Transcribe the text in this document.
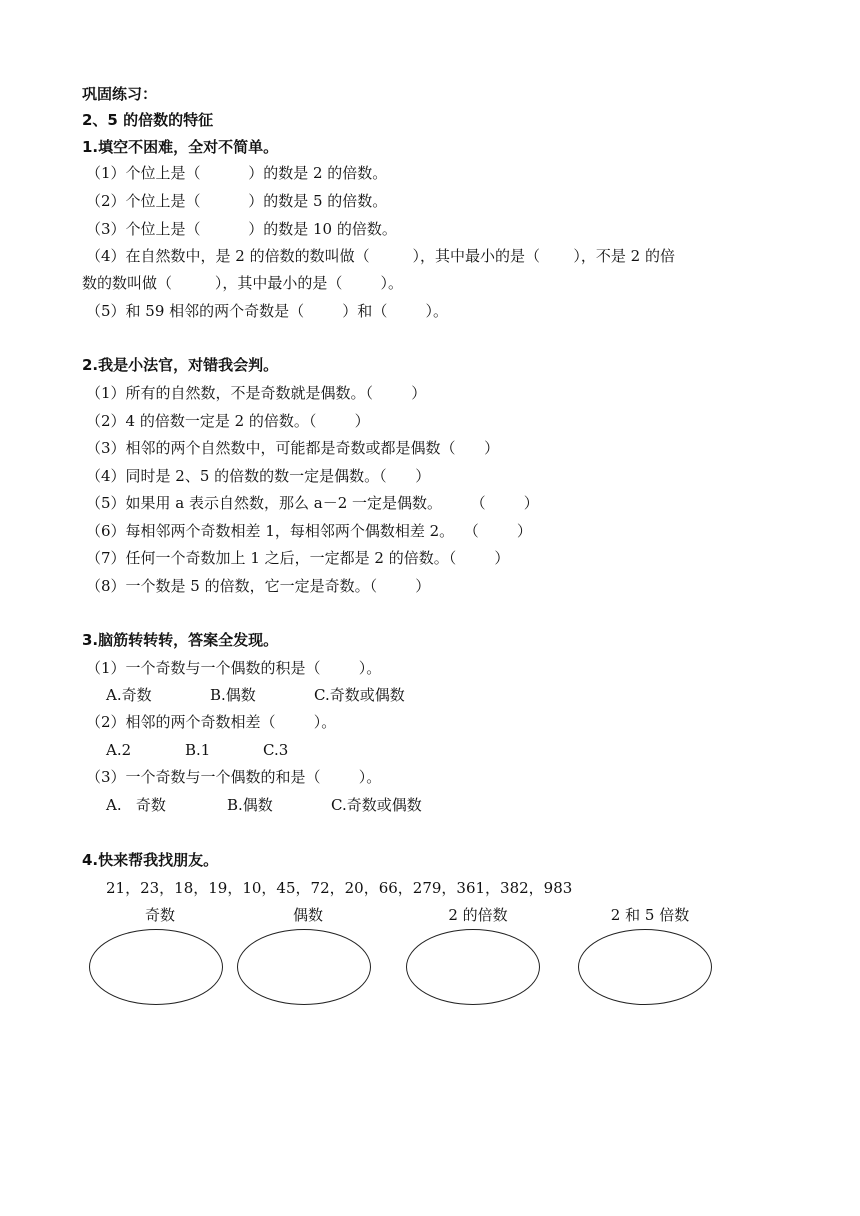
巩固练习：
2、5 的倍数的特征
1.填空不困难，全对不简单。
（1）个位上是（          ）的数是 2 的倍数。
（2）个位上是（          ）的数是 5 的倍数。
（3）个位上是（          ）的数是 10 的倍数。
（4）在自然数中，是 2 的倍数的数叫做（         ），其中最小的是（       ），不是 2 的倍
数的数叫做（         ），其中最小的是（        ）。
（5）和 59 相邻的两个奇数是（        ）和（        ）。
2.我是小法官，对错我会判。
（1）所有的自然数，不是奇数就是偶数。（        ）
（2）4 的倍数一定是 2 的倍数。（        ）
（3）相邻的两个自然数中，可能都是奇数或都是偶数（      ）
（4）同时是 2、5 的倍数的数一定是偶数。（      ）
（5）如果用 a 表示自然数，那么 a－2 一定是偶数。      （        ）
（6）每相邻两个奇数相差 1，每相邻两个偶数相差 2。  （        ）
（7）任何一个奇数加上 1 之后，一定都是 2 的倍数。（        ）
（8）一个数是 5 的倍数，它一定是奇数。（        ）
3.脑筋转转转，答案全发现。
（1）一个奇数与一个偶数的积是（        ）。
A.奇数	B.偶数	C.奇数或偶数
（2）相邻的两个奇数相差（        ）。
A.2	B.1	C.3
（3）一个奇数与一个偶数的和是（        ）。
A.   奇数	B.偶数	C.奇数或偶数
4.快来帮我找朋友。
21，23，18，19，10，45，72，20，66，279，361，382，983
奇数	偶数	2 的倍数	2 和 5 倍数
